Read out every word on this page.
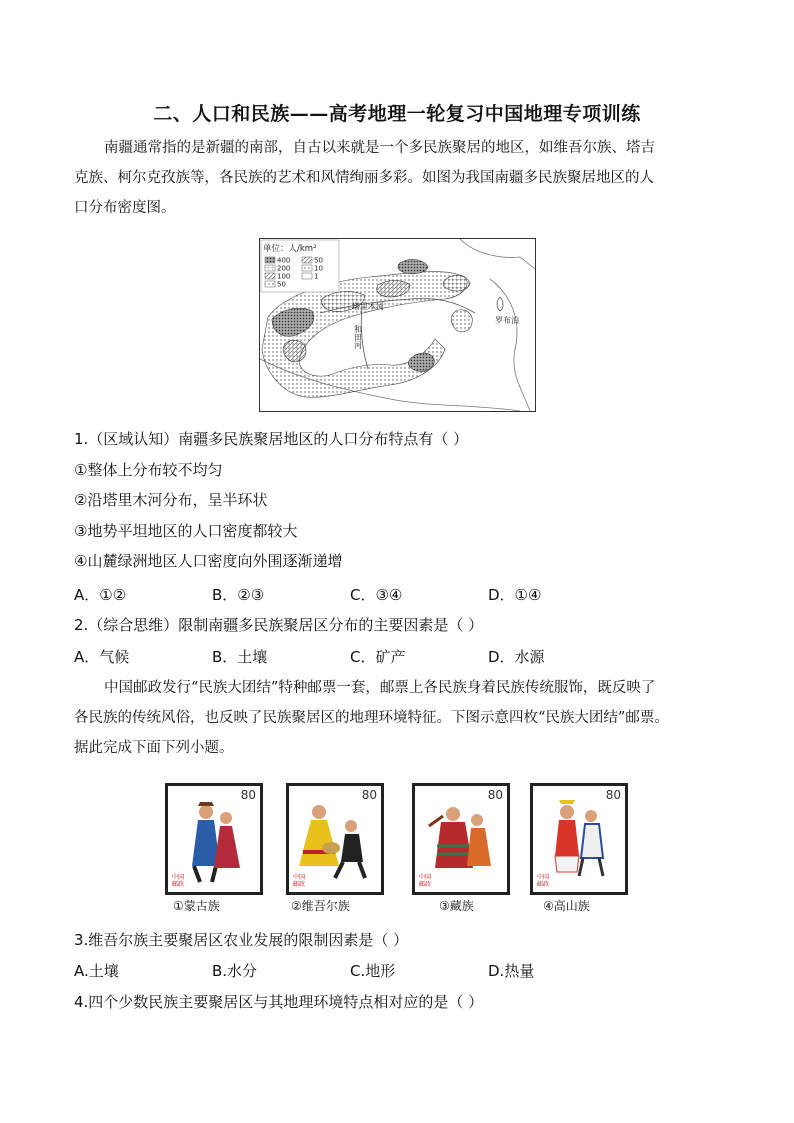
二、人口和民族——高考地理一轮复习中国地理专项训练
南疆通常指的是新疆的南部，自古以来就是一个多民族聚居的地区，如维吾尔族、塔吉
克族、柯尔克孜族等，各民族的艺术和风情绚丽多彩。如图为我国南疆多民族聚居地区的人
口分布密度图。
单位：人/km²
400
200
100
50
50
10
1
塔里木河
和田河
罗布泊
1.（区域认知）南疆多民族聚居地区的人口分布特点有（ ）
①整体上分布较不均匀
②沿塔里木河分布，呈半环状
③地势平坦地区的人口密度都较大
④山麓绿洲地区人口密度向外围逐渐递增
A．①②	B．②③	C．③④	D．①④
2.（综合思维）限制南疆多民族聚居区分布的主要因素是（ ）
A．气候	B．土壤	C．矿产	D．水源
中国邮政发行“民族大团结”特种邮票一套，邮票上各民族身着民族传统服饰，既反映了
各民族的传统风俗，也反映了民族聚居区的地理环境特征。下图示意四枚“民族大团结”邮票。
据此完成下面下列小题。
80
中国邮政
①蒙古族
80
中国邮政
②维吾尔族
80
中国邮政
③藏族
80
中国邮政
④高山族
3.维吾尔族主要聚居区农业发展的限制因素是（ ）
A.土壤	B.水分	C.地形	D.热量
4.四个少数民族主要聚居区与其地理环境特点相对应的是（ ）
